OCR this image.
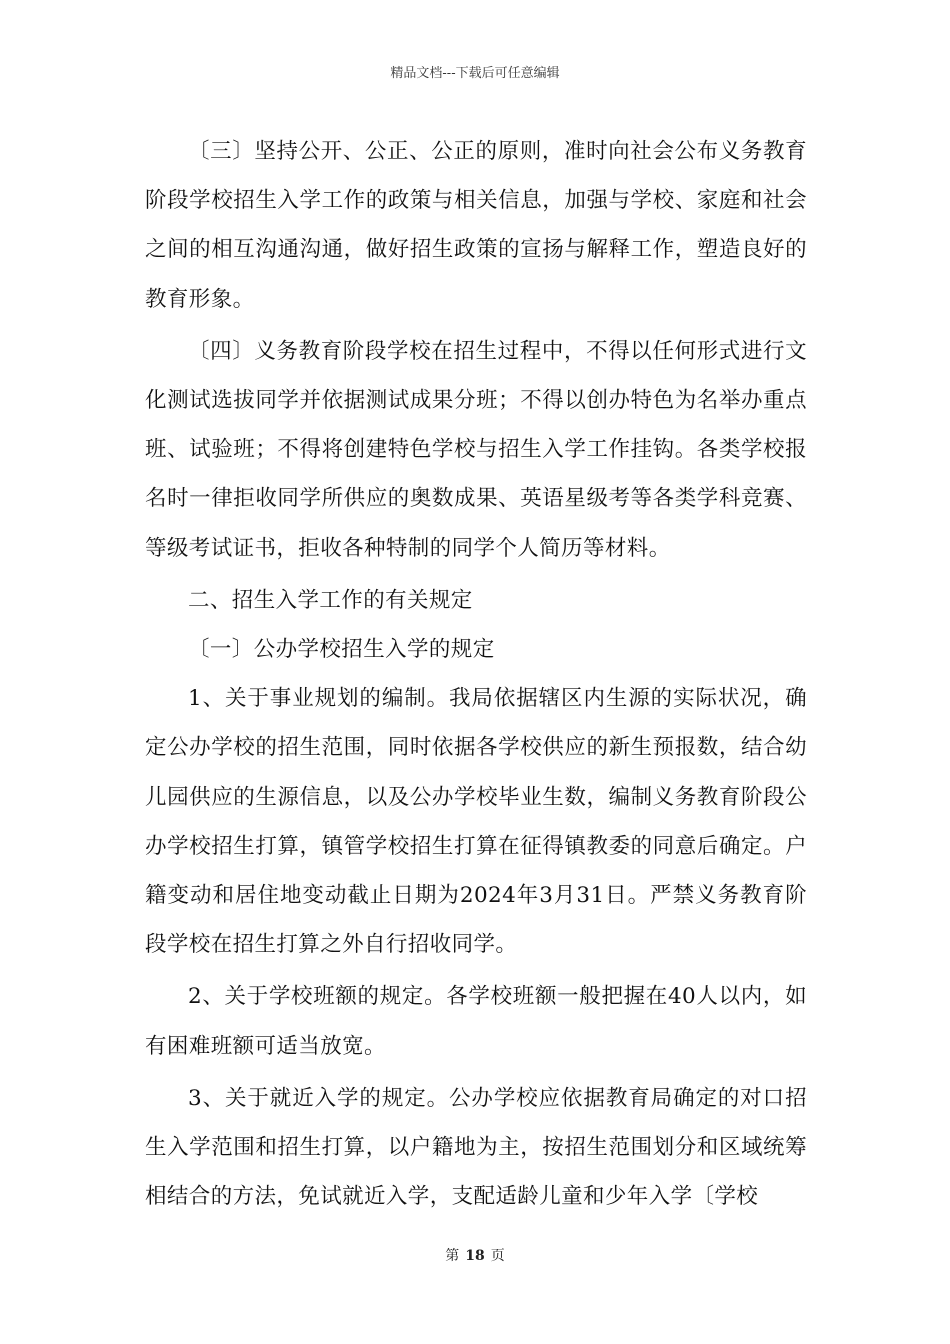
精品文档---下载后可任意编辑

〔三〕坚持公开、公正、公正的原则，准时向社会公布义务教育阶段学校招生入学工作的政策与相关信息，加强与学校、家庭和社会之间的相互沟通沟通，做好招生政策的宣扬与解释工作，塑造良好的教育形象。

〔四〕义务教育阶段学校在招生过程中，不得以任何形式进行文化测试选拔同学并依据测试成果分班；不得以创办特色为名举办重点班、试验班；不得将创建特色学校与招生入学工作挂钩。各类学校报名时一律拒收同学所供应的奥数成果、英语星级考等各类学科竞赛、等级考试证书，拒收各种特制的同学个人简历等材料。

二、招生入学工作的有关规定

〔一〕公办学校招生入学的规定

1、关于事业规划的编制。我局依据辖区内生源的实际状况，确定公办学校的招生范围，同时依据各学校供应的新生预报数，结合幼儿园供应的生源信息，以及公办学校毕业生数，编制义务教育阶段公办学校招生打算，镇管学校招生打算在征得镇教委的同意后确定。户籍变动和居住地变动截止日期为2024年3月31日。严禁义务教育阶段学校在招生打算之外自行招收同学。

2、关于学校班额的规定。各学校班额一般把握在40人以内，如有困难班额可适当放宽。

3、关于就近入学的规定。公办学校应依据教育局确定的对口招生入学范围和招生打算，以户籍地为主，按招生范围划分和区域统筹相结合的方法，免试就近入学，支配适龄儿童和少年入学〔学校

第 18 页
